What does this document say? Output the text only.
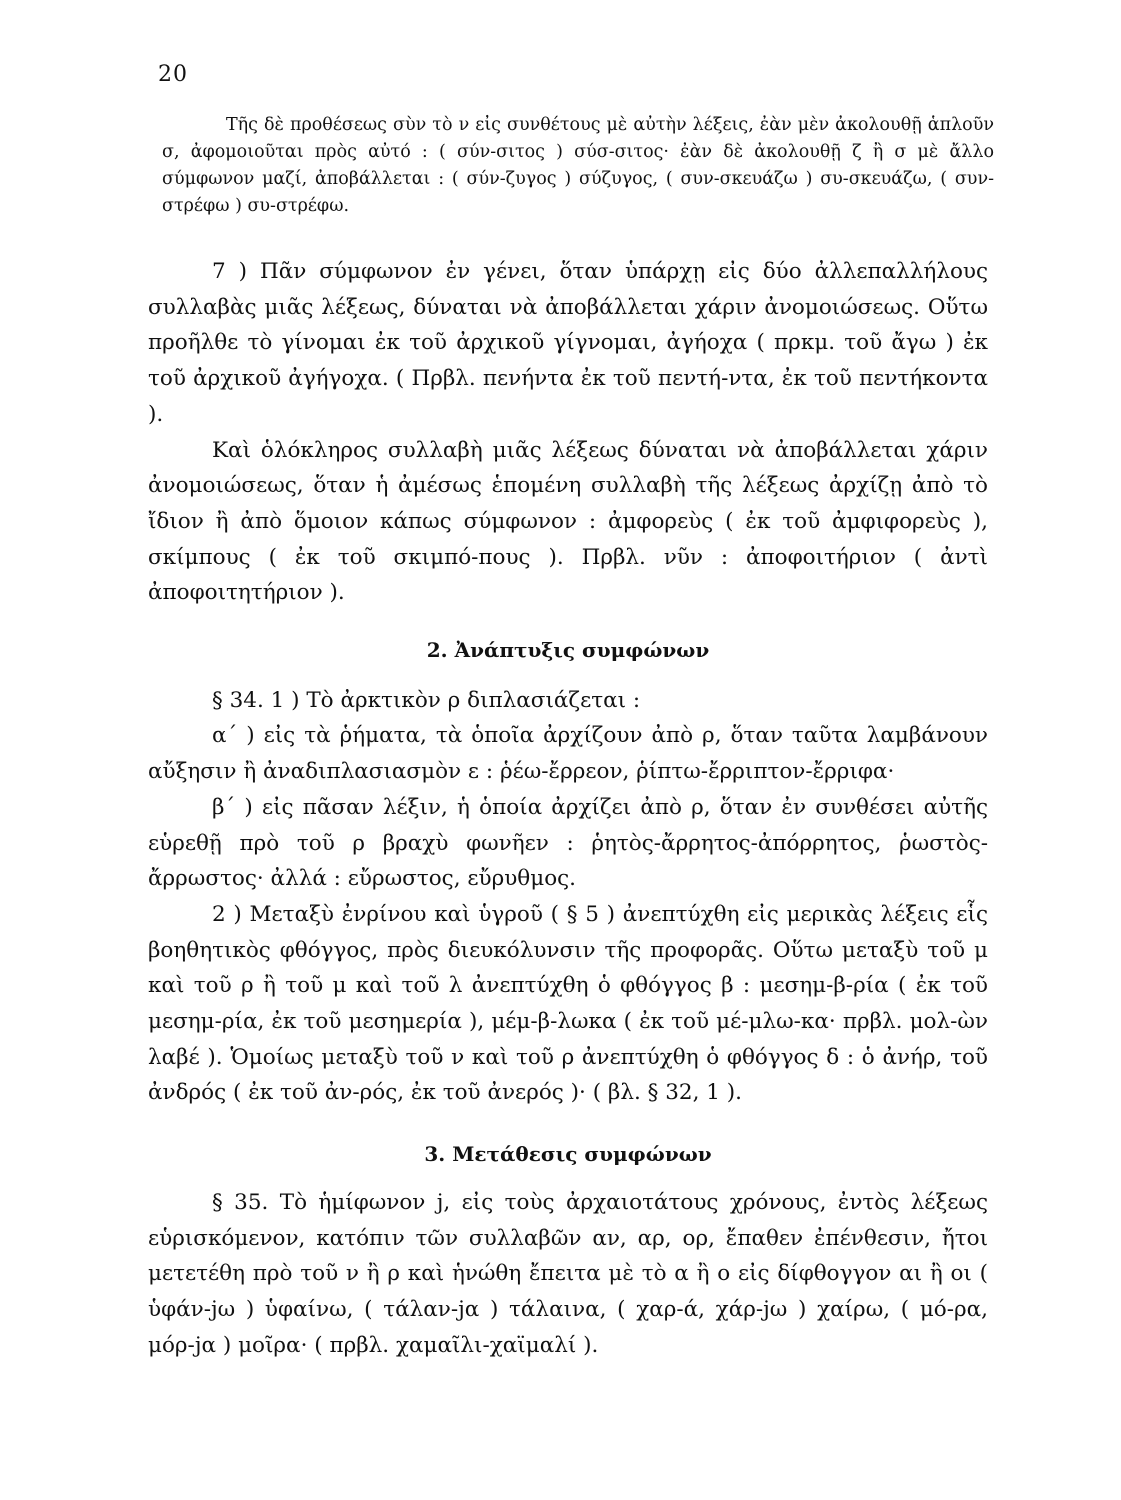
20

Τῆς δὲ προθέσεως σὺν τὸ ν εἰς συνθέτους μὲ αὐτὴν λέξεις, ἐὰν μὲν ἀκολουθῇ ἁπλοῦν σ, ἀφομοιοῦται πρὸς αὐτό : ( σύν-σιτος ) σύσ-σιτος· ἐὰν δὲ ἀκολουθῇ ζ ἢ σ μὲ ἄλλο σύμφωνον μαζί, ἀποβάλλεται : ( σύν-ζυγος ) σύζυγος, ( συν-σκευάζω ) συ-σκευάζω, ( συν-στρέφω ) συ-στρέφω.

7 ) Πᾶν σύμφωνον ἐν γένει, ὅταν ὑπάρχῃ εἰς δύο ἀλλεπαλλήλους συλλαβὰς μιᾶς λέξεως, δύναται νὰ ἀποβάλλεται χάριν ἀνομοιώσεως. Οὕτω προῆλθε τὸ γίνομαι ἐκ τοῦ ἀρχικοῦ γίγνομαι, ἀγήοχα ( πρκμ. τοῦ ἄγω ) ἐκ τοῦ ἀρχικοῦ ἀγήγοχα. ( Πρβλ. πενήντα ἐκ τοῦ πεντή-ντα, ἐκ τοῦ πεντήκοντα ).

Καὶ ὁλόκληρος συλλαβὴ μιᾶς λέξεως δύναται νὰ ἀποβάλλεται χάριν ἀνομοιώσεως, ὅταν ἡ ἀμέσως ἑπομένη συλλαβὴ τῆς λέξεως ἀρχίζῃ ἀπὸ τὸ ἴδιον ἢ ἀπὸ ὅμοιον κάπως σύμφωνον : ἀμφορεὺς ( ἐκ τοῦ ἀμφιφορεὺς ), σκίμπους ( ἐκ τοῦ σκιμπό-πους ). Πρβλ. νῦν : ἀποφοιτήριον ( ἀντὶ ἀποφοιτητήριον ).

2. Ἀνάπτυξις συμφώνων

§ 34. 1 ) Τὸ ἀρκτικὸν ρ διπλασιάζεται :

α΄ ) εἰς τὰ ῥήματα, τὰ ὁποῖα ἀρχίζουν ἀπὸ ρ, ὅταν ταῦτα λαμβάνουν αὔξησιν ἢ ἀναδιπλασιασμὸν ε : ῥέω-ἔρρεον, ῥίπτω-ἔρριπτον-ἔρριφα·

β΄ ) εἰς πᾶσαν λέξιν, ἡ ὁποία ἀρχίζει ἀπὸ ρ, ὅταν ἐν συνθέσει αὐτῆς εὑρεθῇ πρὸ τοῦ ρ βραχὺ φωνῆεν : ῥητὸς-ἄρρητος-ἀπόρρητος, ῥωστὸς-ἄρρωστος· ἀλλά : εὔρωστος, εὔρυθμος.

2 ) Μεταξὺ ἐνρίνου καὶ ὑγροῦ ( § 5 ) ἀνεπτύχθη εἰς μερικὰς λέξεις εἷς βοηθητικὸς φθόγγος, πρὸς διευκόλυνσιν τῆς προφορᾶς. Οὕτω μεταξὺ τοῦ μ καὶ τοῦ ρ ἢ τοῦ μ καὶ τοῦ λ ἀνεπτύχθη ὁ φθόγγος β : μεσημ-β-ρία ( ἐκ τοῦ μεσημ-ρία, ἐκ τοῦ μεσημερία ), μέμ-β-λωκα ( ἐκ τοῦ μέ-μλω-κα· πρβλ. μολ-ὼν λαβέ ). Ὁμοίως μεταξὺ τοῦ ν καὶ τοῦ ρ ἀνεπτύχθη ὁ φθόγγος δ : ὁ ἀνήρ, τοῦ ἀνδρός ( ἐκ τοῦ ἀν-ρός, ἐκ τοῦ ἀνερός )· ( βλ. § 32, 1 ).

3. Μετάθεσις συμφώνων

§ 35. Τὸ ἡμίφωνον j, εἰς τοὺς ἀρχαιοτάτους χρόνους, ἐντὸς λέξεως εὑρισκόμενον, κατόπιν τῶν συλλαβῶν αν, αρ, ορ, ἔπαθεν ἐπένθεσιν, ἤτοι μετετέθη πρὸ τοῦ ν ἢ ρ καὶ ἡνώθη ἔπειτα μὲ τὸ α ἢ ο εἰς δίφθογγον αι ἢ οι ( ὑφάν-jω ) ὑφαίνω, ( τάλαν-jα ) τάλαινα, ( χαρ-ά, χάρ-jω ) χαίρω, ( μό-ρα, μόρ-jα ) μοῖρα· ( πρβλ. χαμαῖλι-χαϊμαλί ).
